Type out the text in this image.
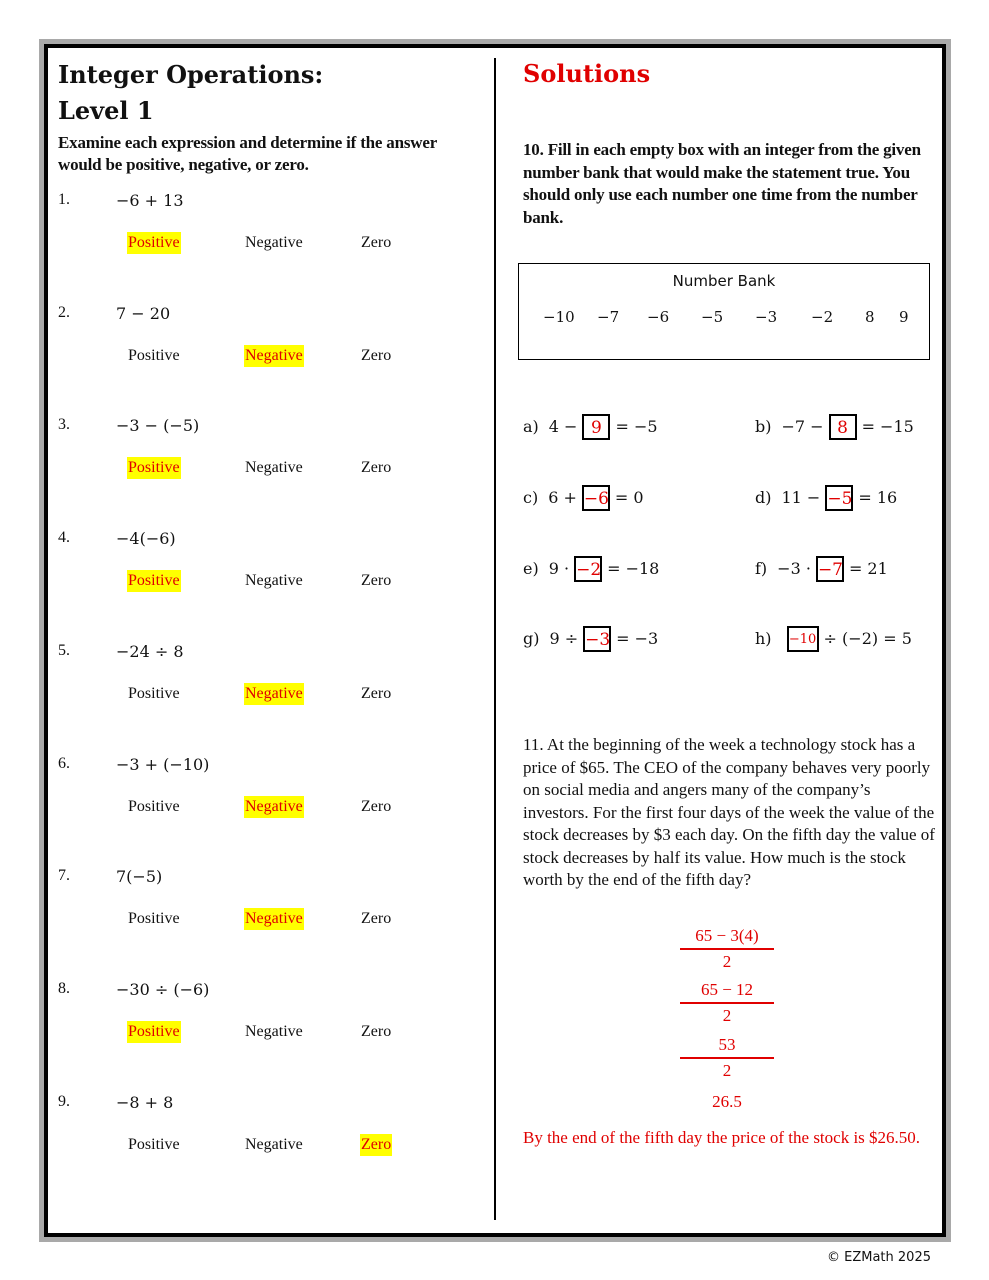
Integer Operations:
Level 1
Examine each expression and determine if the answer would be positive, negative, or zero.
1.	−6 + 13
Positive	Negative	Zero
2.	7 − 20
Positive	Negative	Zero
3.	−3 − (−5)
Positive	Negative	Zero
4.	−4(−6)
Positive	Negative	Zero
5.	−24 ÷ 8
Positive	Negative	Zero
6.	−3 + (−10)
Positive	Negative	Zero
7.	7(−5)
Positive	Negative	Zero
8.	−30 ÷ (−6)
Positive	Negative	Zero
9.	−8 + 8
Positive	Negative	Zero
Solutions
10. Fill in each empty box with an integer from the given number bank that would make the statement true. You should only use each number one time from the number bank.
Number Bank
−10 −7 −6 −5 −3 −2 8 9
a) 4 − 9 = −5	b) −7 − 8 = −15
c) 6 + −6 = 0	d) 11 − −5 = 16
e) 9 · −2 = −18	f) −3 · −7 = 21
g) 9 ÷ −3 = −3	h) −10 ÷ (−2) = 5
11. At the beginning of the week a technology stock has a price of $65. The CEO of the company behaves very poorly on social media and angers many of the company’s investors. For the first four days of the week the value of the stock decreases by $3 each day. On the fifth day the value of stock decreases by half its value. How much is the stock worth by the end of the fifth day?
65 − 3(4)
2
65 − 12
2
53
2
26.5
By the end of the fifth day the price of the stock is $26.50.
© EZMath 2025
